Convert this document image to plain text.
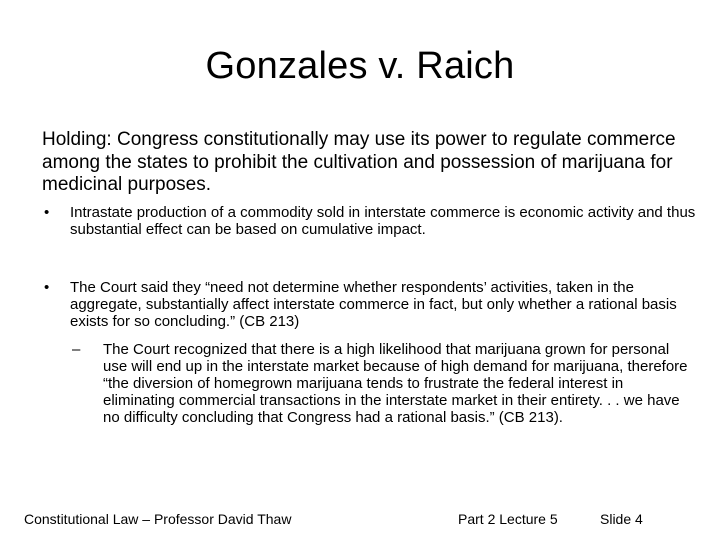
Gonzales v. Raich
Holding: Congress constitutionally may use its power to regulate commerce among the states to prohibit the cultivation and possession of marijuana for medicinal purposes.
•	Intrastate production of a commodity sold in interstate commerce is economic activity and thus substantial effect can be based on cumulative impact.
•	The Court said they “need not determine whether respondents’ activities, taken in the aggregate, substantially affect interstate commerce in fact, but only whether a rational basis exists for so concluding.” (CB 213)
–	The Court recognized that there is a high likelihood that marijuana grown for personal use will end up in the interstate market because of high demand for marijuana, therefore “the diversion of homegrown marijuana tends to frustrate the federal interest in eliminating commercial transactions in the interstate market in their entirety. . . we have no difficulty concluding that Congress had a rational basis.” (CB 213).
Constitutional Law – Professor David Thaw	Part 2 Lecture 5	Slide 4
